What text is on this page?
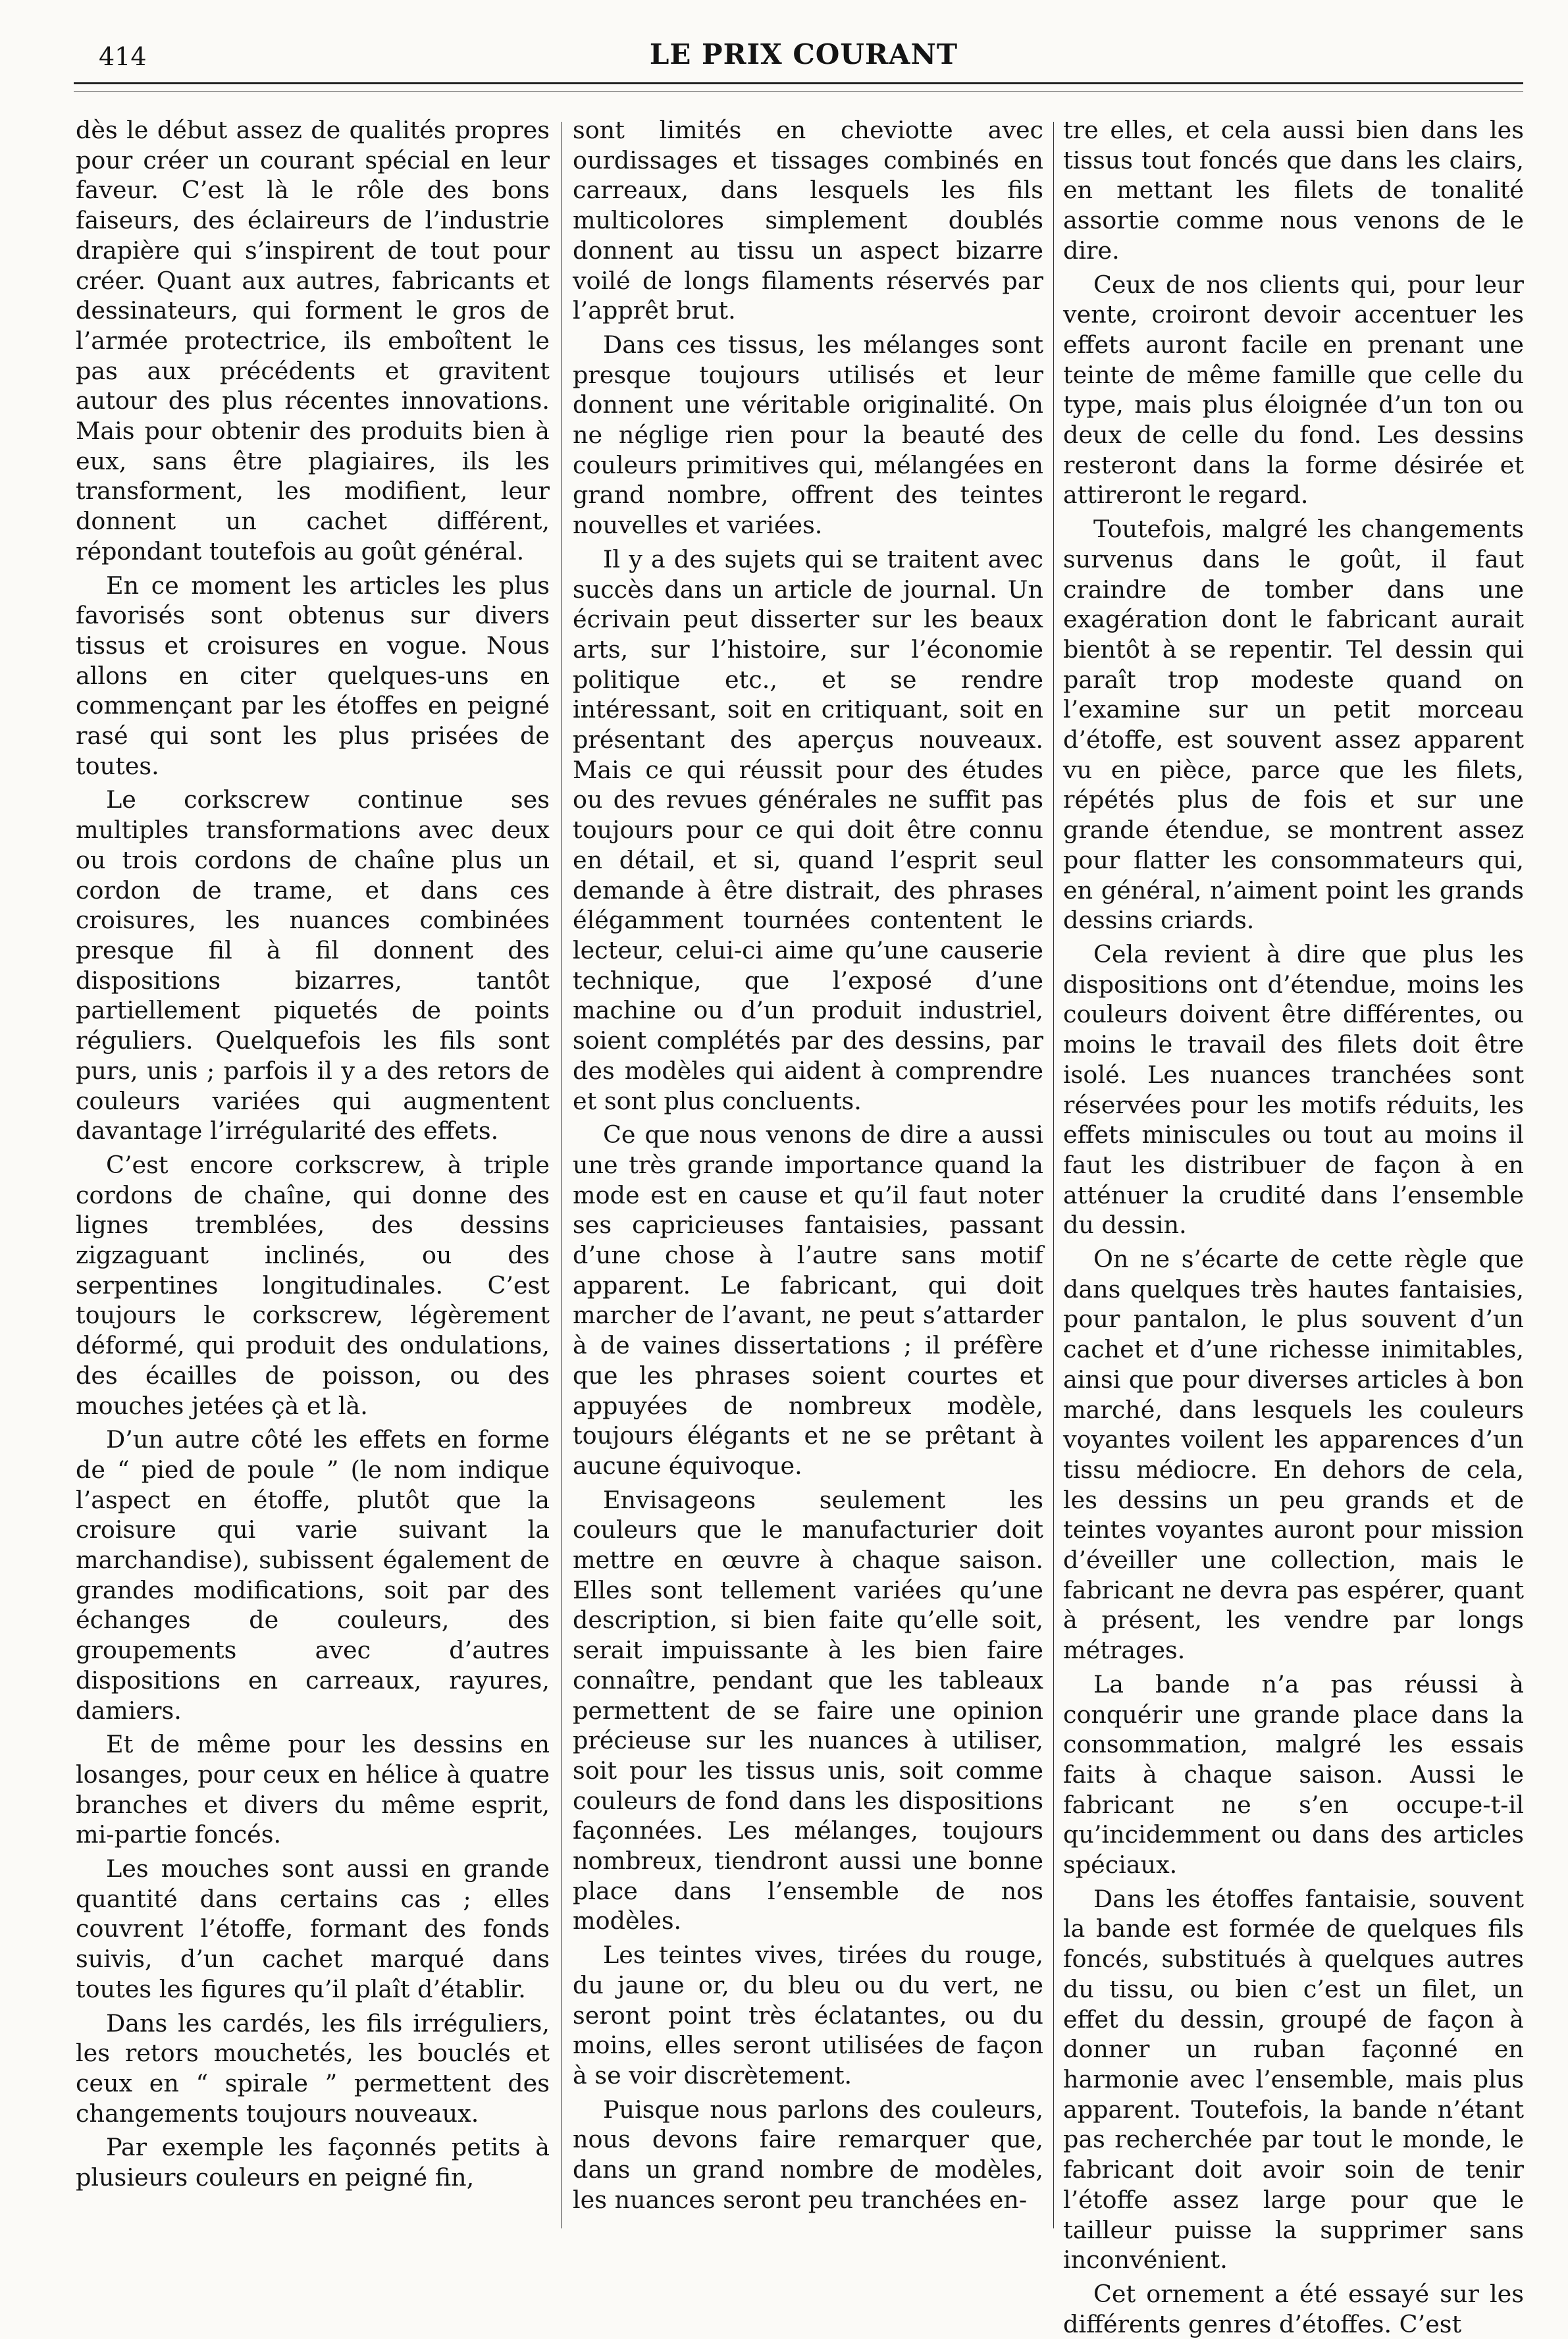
414	LE PRIX COURANT

dès le début assez de qualités propres pour créer un courant spécial en leur faveur. C’est là le rôle des bons faiseurs, des éclaireurs de l’industrie drapière qui s’inspirent de tout pour créer. Quant aux autres, fabricants et dessinateurs, qui forment le gros de l’armée protectrice, ils emboîtent le pas aux précédents et gravitent autour des plus récentes innovations. Mais pour obtenir des produits bien à eux, sans être plagiaires, ils les transforment, les modifient, leur donnent un cachet différent, répondant toutefois au goût général.

En ce moment les articles les plus favorisés sont obtenus sur divers tissus et croisures en vogue. Nous allons en citer quelques-uns en commençant par les étoffes en peigné rasé qui sont les plus prisées de toutes.

Le corkscrew continue ses multiples transformations avec deux ou trois cordons de chaîne plus un cordon de trame, et dans ces croisures, les nuances combinées presque fil à fil donnent des dispositions bizarres, tantôt partiellement piquetés de points réguliers. Quelquefois les fils sont purs, unis ; parfois il y a des retors de couleurs variées qui augmentent davantage l’irrégularité des effets.

C’est encore corkscrew, à triple cordons de chaîne, qui donne des lignes tremblées, des dessins zigzaguant inclinés, ou des serpentines longitudinales. C’est toujours le corkscrew, légèrement déformé, qui produit des ondulations, des écailles de poisson, ou des mouches jetées çà et là.

D’un autre côté les effets en forme de “ pied de poule ” (le nom indique l’aspect en étoffe, plutôt que la croisure qui varie suivant la marchandise), subissent également de grandes modifications, soit par des échanges de couleurs, des groupements avec d’autres dispositions en carreaux, rayures, damiers.

Et de même pour les dessins en losanges, pour ceux en hélice à quatre branches et divers du même esprit, mi-partie foncés.

Les mouches sont aussi en grande quantité dans certains cas ; elles couvrent l’étoffe, formant des fonds suivis, d’un cachet marqué dans toutes les figures qu’il plaît d’établir.

Dans les cardés, les fils irréguliers, les retors mouchetés, les bouclés et ceux en “ spirale ” permettent des changements toujours nouveaux.

Par exemple les façonnés petits à plusieurs couleurs en peigné fin,

sont limités en cheviotte avec ourdissages et tissages combinés en carreaux, dans lesquels les fils multicolores simplement doublés donnent au tissu un aspect bizarre voilé de longs filaments réservés par l’apprêt brut.

Dans ces tissus, les mélanges sont presque toujours utilisés et leur donnent une véritable originalité. On ne néglige rien pour la beauté des couleurs primitives qui, mélangées en grand nombre, offrent des teintes nouvelles et variées.

Il y a des sujets qui se traitent avec succès dans un article de journal. Un écrivain peut disserter sur les beaux arts, sur l’histoire, sur l’économie politique etc., et se rendre intéressant, soit en critiquant, soit en présentant des aperçus nouveaux. Mais ce qui réussit pour des études ou des revues générales ne suffit pas toujours pour ce qui doit être connu en détail, et si, quand l’esprit seul demande à être distrait, des phrases élégamment tournées contentent le lecteur, celui-ci aime qu’une causerie technique, que l’exposé d’une machine ou d’un produit industriel, soient complétés par des dessins, par des modèles qui aident à comprendre et sont plus concluents.

Ce que nous venons de dire a aussi une très grande importance quand la mode est en cause et qu’il faut noter ses capricieuses fantaisies, passant d’une chose à l’autre sans motif apparent. Le fabricant, qui doit marcher de l’avant, ne peut s’attarder à de vaines dissertations ; il préfère que les phrases soient courtes et appuyées de nombreux modèle, toujours élégants et ne se prêtant à aucune équivoque.

Envisageons seulement les couleurs que le manufacturier doit mettre en œuvre à chaque saison. Elles sont tellement variées qu’une description, si bien faite qu’elle soit, serait impuissante à les bien faire connaître, pendant que les tableaux permettent de se faire une opinion précieuse sur les nuances à utiliser, soit pour les tissus unis, soit comme couleurs de fond dans les dispositions façonnées. Les mélanges, toujours nombreux, tiendront aussi une bonne place dans l’ensemble de nos modèles.

Les teintes vives, tirées du rouge, du jaune or, du bleu ou du vert, ne seront point très éclatantes, ou du moins, elles seront utilisées de façon à se voir discrètement.

Puisque nous parlons des couleurs, nous devons faire remarquer que, dans un grand nombre de modèles, les nuances seront peu tranchées en-

tre elles, et cela aussi bien dans les tissus tout foncés que dans les clairs, en mettant les filets de tonalité assortie comme nous venons de le dire.

Ceux de nos clients qui, pour leur vente, croiront devoir accentuer les effets auront facile en prenant une teinte de même famille que celle du type, mais plus éloignée d’un ton ou deux de celle du fond. Les dessins resteront dans la forme désirée et attireront le regard.

Toutefois, malgré les changements survenus dans le goût, il faut craindre de tomber dans une exagération dont le fabricant aurait bientôt à se repentir. Tel dessin qui paraît trop modeste quand on l’examine sur un petit morceau d’étoffe, est souvent assez apparent vu en pièce, parce que les filets, répétés plus de fois et sur une grande étendue, se montrent assez pour flatter les consommateurs qui, en général, n’aiment point les grands dessins criards.

Cela revient à dire que plus les dispositions ont d’étendue, moins les couleurs doivent être différentes, ou moins le travail des filets doit être isolé. Les nuances tranchées sont réservées pour les motifs réduits, les effets miniscules ou tout au moins il faut les distribuer de façon à en atténuer la crudité dans l’ensemble du dessin.

On ne s’écarte de cette règle que dans quelques très hautes fantaisies, pour pantalon, le plus souvent d’un cachet et d’une richesse inimitables, ainsi que pour diverses articles à bon marché, dans lesquels les couleurs voyantes voilent les apparences d’un tissu médiocre. En dehors de cela, les dessins un peu grands et de teintes voyantes auront pour mission d’éveiller une collection, mais le fabricant ne devra pas espérer, quant à présent, les vendre par longs métrages.

La bande n’a pas réussi à conquérir une grande place dans la consommation, malgré les essais faits à chaque saison. Aussi le fabricant ne s’en occupe-t-il qu’incidemment ou dans des articles spéciaux.

Dans les étoffes fantaisie, souvent la bande est formée de quelques fils foncés, substitués à quelques autres du tissu, ou bien c’est un filet, un effet du dessin, groupé de façon à donner un ruban façonné en harmonie avec l’ensemble, mais plus apparent. Toutefois, la bande n’étant pas recherchée par tout le monde, le fabricant doit avoir soin de tenir l’étoffe assez large pour que le tailleur puisse la supprimer sans inconvénient.

Cet ornement a été essayé sur les différents genres d’étoffes. C’est
